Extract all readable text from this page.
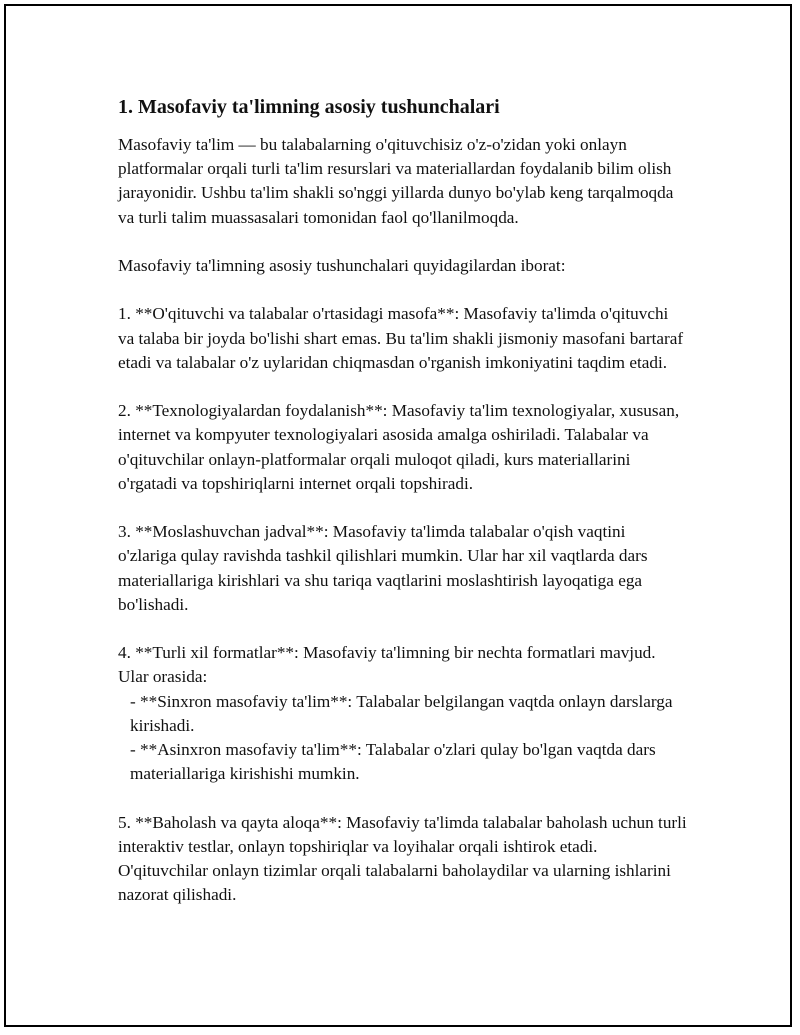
1. Masofaviy ta'limning asosiy tushunchalari

Masofaviy ta'lim — bu talabalarning o'qituvchisiz o'z-o'zidan yoki onlayn platformalar orqali turli ta'lim resurslari va materiallardan foydalanib bilim olish jarayonidir. Ushbu ta'lim shakli so'nggi yillarda dunyo bo'ylab keng tarqalmoqda va turli talim muassasalari tomonidan faol qo'llanilmoqda.

Masofaviy ta'limning asosiy tushunchalari quyidagilardan iborat:

1. **O'qituvchi va talabalar o'rtasidagi masofa**: Masofaviy ta'limda o'qituvchi va talaba bir joyda bo'lishi shart emas. Bu ta'lim shakli jismoniy masofani bartaraf etadi va talabalar o'z uylaridan chiqmasdan o'rganish imkoniyatini taqdim etadi.

2. **Texnologiyalardan foydalanish**: Masofaviy ta'lim texnologiyalar, xususan, internet va kompyuter texnologiyalari asosida amalga oshiriladi. Talabalar va o'qituvchilar onlayn-platformalar orqali muloqot qiladi, kurs materiallarini o'rgatadi va topshiriqlarni internet orqali topshiradi.

3. **Moslashuvchan jadval**: Masofaviy ta'limda talabalar o'qish vaqtini o'zlariga qulay ravishda tashkil qilishlari mumkin. Ular har xil vaqtlarda dars materiallariga kirishlari va shu tariqa vaqtlarini moslashtirish layoqatiga ega bo'lishadi.

4. **Turli xil formatlar**: Masofaviy ta'limning bir nechta formatlari mavjud. Ular orasida:

- **Sinxron masofaviy ta'lim**: Talabalar belgilangan vaqtda onlayn darslarga kirishadi.

- **Asinxron masofaviy ta'lim**: Talabalar o'zlari qulay bo'lgan vaqtda dars materiallariga kirishishi mumkin.

5. **Baholash va qayta aloqa**: Masofaviy ta'limda talabalar baholash uchun turli interaktiv testlar, onlayn topshiriqlar va loyihalar orqali ishtirok etadi. O'qituvchilar onlayn tizimlar orqali talabalarni baholaydilar va ularning ishlarini nazorat qilishadi.
